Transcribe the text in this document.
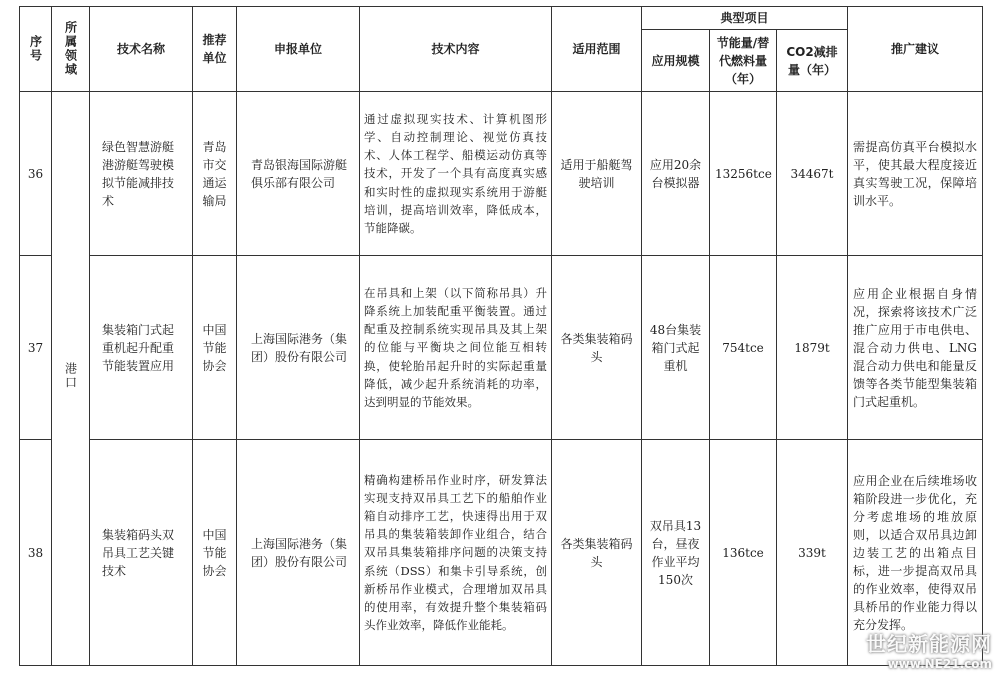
序号	所属领域	技术名称	推荐单位	申报单位	技术内容	适用范围	典型项目			推广建议
							应用规模	节能量/替代燃料量（年）	CO2减排量（年）	
36	港口	绿色智慧游艇港游艇驾驶模拟节能减排技术	青岛市交通运输局	青岛银海国际游艇俱乐部有限公司	通过虚拟现实技术、计算机图形学、自动控制理论、视觉仿真技术、人体工程学、船模运动仿真等技术，开发了一个具有高度真实感和实时性的虚拟现实系统用于游艇培训，提高培训效率，降低成本，节能降碳。	适用于船艇驾驶培训	应用20余台模拟器	13256tce	34467t	需提高仿真平台模拟水平，使其最大程度接近真实驾驶工况，保障培训水平。
37		集装箱门式起重机起升配重节能装置应用	中国节能协会	上海国际港务（集团）股份有限公司	在吊具和上架（以下简称吊具）升降系统上加装配重平衡装置。通过配重及控制系统实现吊具及其上架的位能与平衡块之间位能互相转换，使轮胎吊起升时的实际起重量降低，减少起升系统消耗的功率，达到明显的节能效果。	各类集装箱码头	48台集装箱门式起重机	754tce	1879t	应用企业根据自身情况，探索将该技术广泛推广应用于市电供电、混合动力供电、LNG混合动力供电和能量反馈等各类节能型集装箱门式起重机。
38		集装箱码头双吊具工艺关键技术	中国节能协会	上海国际港务（集团）股份有限公司	精确构建桥吊作业时序，研发算法实现支持双吊具工艺下的船舶作业箱自动排序工艺，快速得出用于双吊具的集装箱装卸作业组合，结合双吊具集装箱排序问题的决策支持系统（DSS）和集卡引导系统，创新桥吊作业模式，合理增加双吊具的使用率，有效提升整个集装箱码头作业效率，降低作业能耗。	各类集装箱码头	双吊具13台，昼夜作业平均150次	136tce	339t	应用企业在后续堆场收箱阶段进一步优化，充分考虑堆场的堆放原则，以适合双吊具边卸边装工艺的出箱点目标，进一步提高双吊具的作业效率，使得双吊具桥吊的作业能力得以充分发挥。
世纪新能源网
www.NE21.com
